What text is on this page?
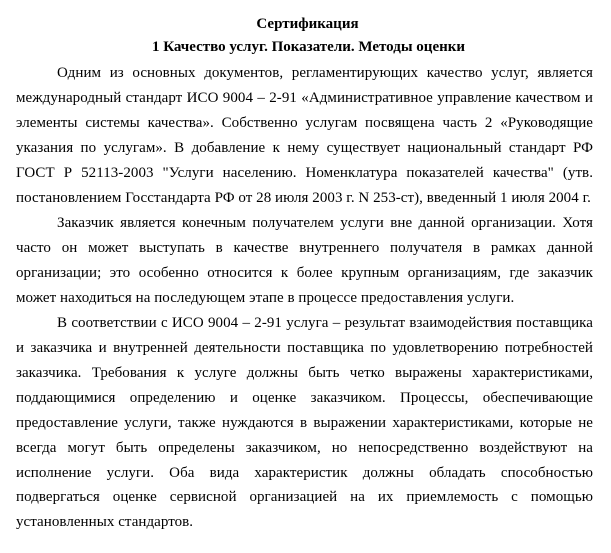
Сертификация
1 Качество услуг. Показатели. Методы оценки

Одним из основных документов, регламентирующих качество услуг, является международный стандарт ИСО 9004 – 2-91 «Административное управление качеством и элементы системы качества». Собственно услугам посвящена часть 2 «Руководящие указания по услугам». В добавление к нему существует национальный стандарт РФ ГОСТ Р 52113-2003 "Услуги населению. Номенклатура показателей качества" (утв. постановлением Госстандарта РФ от 28 июля 2003 г. N 253-ст), введенный 1 июля 2004 г.

Заказчик является конечным получателем услуги вне данной организации. Хотя часто он может выступать в качестве внутреннего получателя в рамках данной организации; это особенно относится к более крупным организациям, где заказчик может находиться на последующем этапе в процессе предоставления услуги.

В соответствии с ИСО 9004 – 2-91 услуга – результат взаимодействия поставщика и заказчика и внутренней деятельности поставщика по удовлетворению потребностей заказчика. Требования к услуге должны быть четко выражены характеристиками, поддающимися определению и оценке заказчиком. Процессы, обеспечивающие предоставление услуги, также нуждаются в выражении характеристиками, которые не всегда могут быть определены заказчиком, но непосредственно воздействуют на исполнение услуги. Оба вида характеристик должны обладать способностью подвергаться оценке сервисной организацией на их приемлемость с помощью установленных стандартов.
